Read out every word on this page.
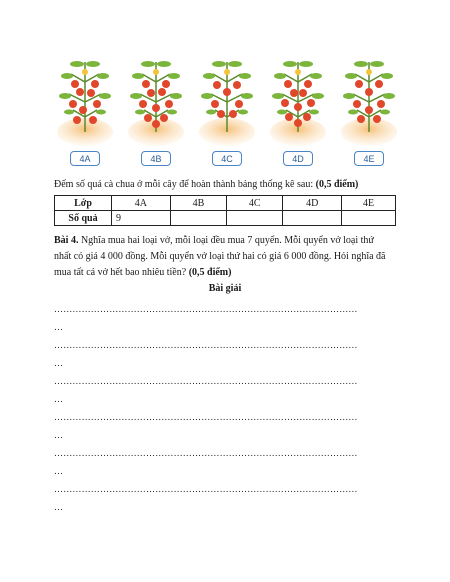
4A	4B	4C	4D	4E
Đếm số quả cà chua ở mỗi cây để hoàn thành bảng thống kê sau: (0,5 điểm)
Lớp	4A	4B	4C	4D	4E
Số quả	9				
Bài 4. Nghĩa mua hai loại vở, mỗi loại đều mua 7 quyển. Mỗi quyển vở loại thứ
nhất có giá 4 000 đồng. Mỗi quyển vở loại thứ hai có giá 6 000 đồng. Hỏi nghĩa đã
mua tất cả vở hết bao nhiêu tiền? (0,5 điểm)
Bài giải
………………………………………………………………………………………
…
………………………………………………………………………………………
…
………………………………………………………………………………………
…
………………………………………………………………………………………
…
………………………………………………………………………………………
…
………………………………………………………………………………………
…
